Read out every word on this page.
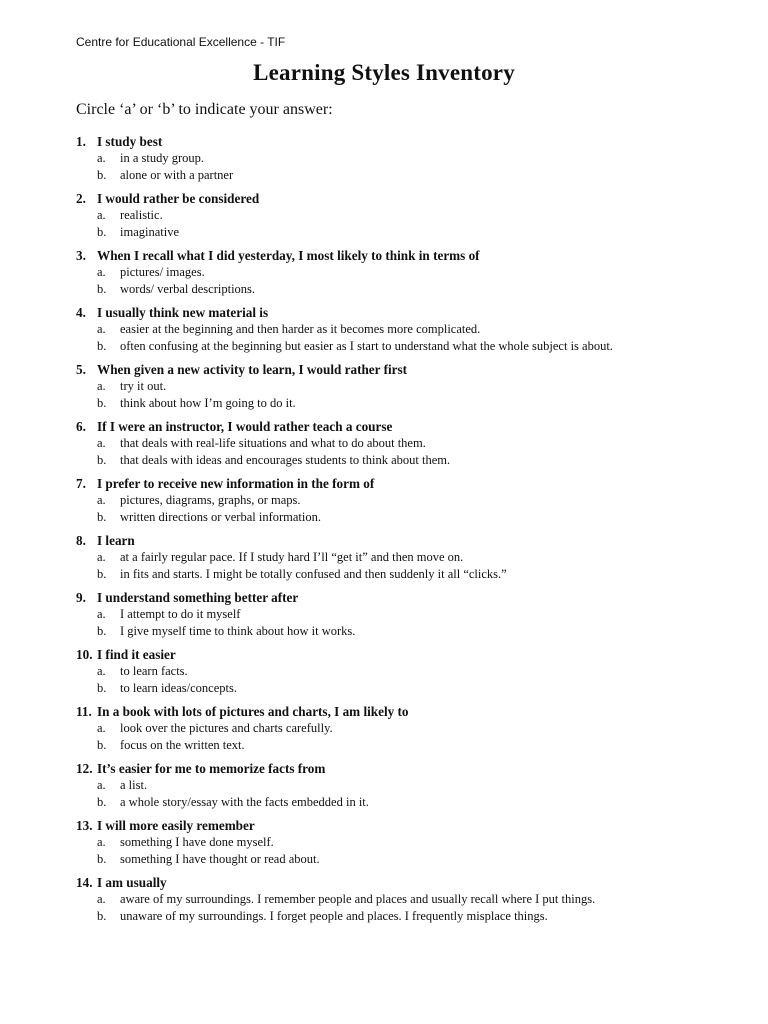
Centre for Educational Excellence - TIF
Learning Styles Inventory
Circle ‘a’ or ‘b’ to indicate your answer:
1. I study best
a.	in a study group.
b.	alone or with a partner
2. I would rather be considered
a.	realistic.
b.	imaginative
3. When I recall what I did yesterday, I most likely to think in terms of
a.	pictures/ images.
b.	words/ verbal descriptions.
4. I usually think new material is
a.	easier at the beginning and then harder as it becomes more complicated.
b.	often confusing at the beginning but easier as I start to understand what the whole subject is about.
5. When given a new activity to learn, I would rather first
a.	try it out.
b.	think about how I’m going to do it.
6. If I were an instructor, I would rather teach a course
a.	that deals with real-life situations and what to do about them.
b.	that deals with ideas and encourages students to think about them.
7. I prefer to receive new information in the form of
a.	pictures, diagrams, graphs, or maps.
b.	written directions or verbal information.
8. I learn
a.	at a fairly regular pace. If I study hard I’ll “get it” and then move on.
b.	in fits and starts. I might be totally confused and then suddenly it all “clicks.”
9. I understand something better after
a.	I attempt to do it myself
b.	I give myself time to think about how it works.
10. I find it easier
a.	to learn facts.
b.	to learn ideas/concepts.
11. In a book with lots of pictures and charts, I am likely to
a.	look over the pictures and charts carefully.
b.	focus on the written text.
12. It’s easier for me to memorize facts from
a.	a list.
b.	a whole story/essay with the facts embedded in it.
13. I will more easily remember
a.	something I have done myself.
b.	something I have thought or read about.
14. I am usually
a.	aware of my surroundings. I remember people and places and usually recall where I put things.
b.	unaware of my surroundings. I forget people and places. I frequently misplace things.
